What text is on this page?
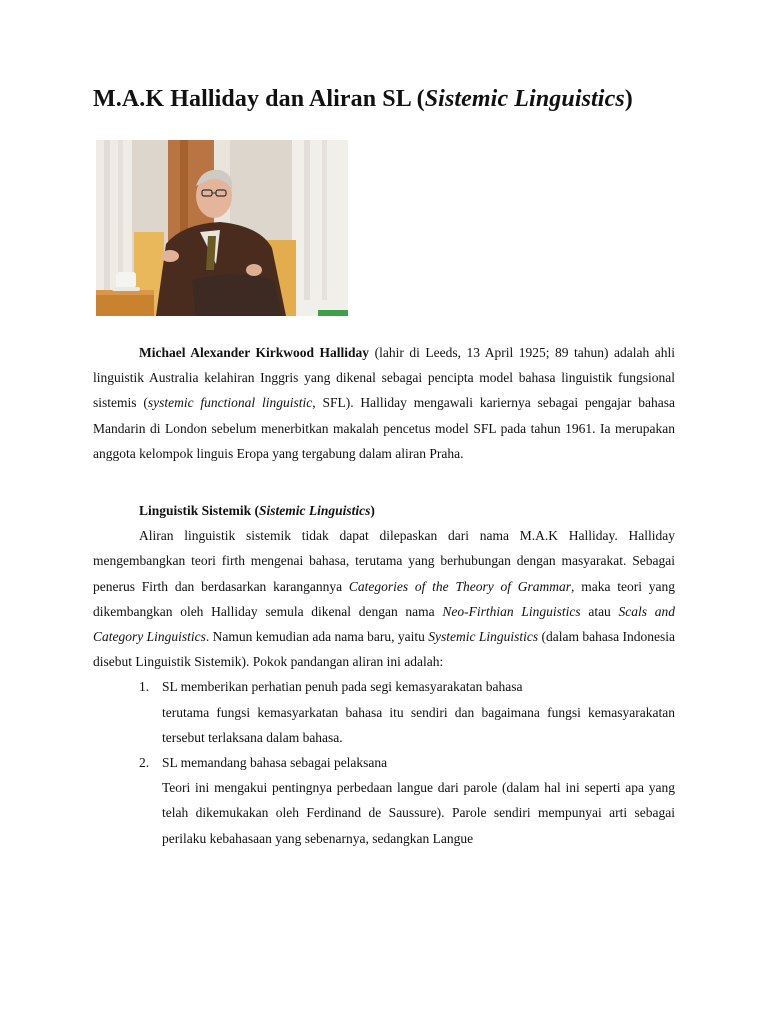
M.A.K Halliday dan Aliran SL (Sistemic Linguistics)

Michael Alexander Kirkwood Halliday (lahir di Leeds, 13 April 1925; 89 tahun) adalah ahli linguistik Australia kelahiran Inggris yang dikenal sebagai pencipta model bahasa linguistik fungsional sistemis (systemic functional linguistic, SFL). Halliday mengawali kariernya sebagai pengajar bahasa Mandarin di London sebelum menerbitkan makalah pencetus model SFL pada tahun 1961. Ia merupakan anggota kelompok linguis Eropa yang tergabung dalam aliran Praha.

Linguistik Sistemik (Sistemic Linguistics)

Aliran linguistik sistemik tidak dapat dilepaskan dari nama M.A.K Halliday. Halliday mengembangkan teori firth mengenai bahasa, terutama yang berhubungan dengan masyarakat. Sebagai penerus Firth dan berdasarkan karangannya Categories of the Theory of Grammar, maka teori yang dikembangkan oleh Halliday semula dikenal dengan nama Neo-Firthian Linguistics atau Scals and Category Linguistics. Namun kemudian ada nama baru, yaitu Systemic Linguistics (dalam bahasa Indonesia disebut Linguistik Sistemik). Pokok pandangan aliran ini adalah:

1. SL memberikan perhatian penuh pada segi kemasyarakatan bahasa
terutama fungsi kemasyarkatan bahasa itu sendiri dan bagaimana fungsi kemasyarakatan tersebut terlaksana dalam bahasa.
2. SL memandang bahasa sebagai pelaksana
Teori ini mengakui pentingnya perbedaan langue dari parole (dalam hal ini seperti apa yang telah dikemukakan oleh Ferdinand de Saussure). Parole sendiri mempunyai arti sebagai perilaku kebahasaan yang sebenarnya, sedangkan Langue
